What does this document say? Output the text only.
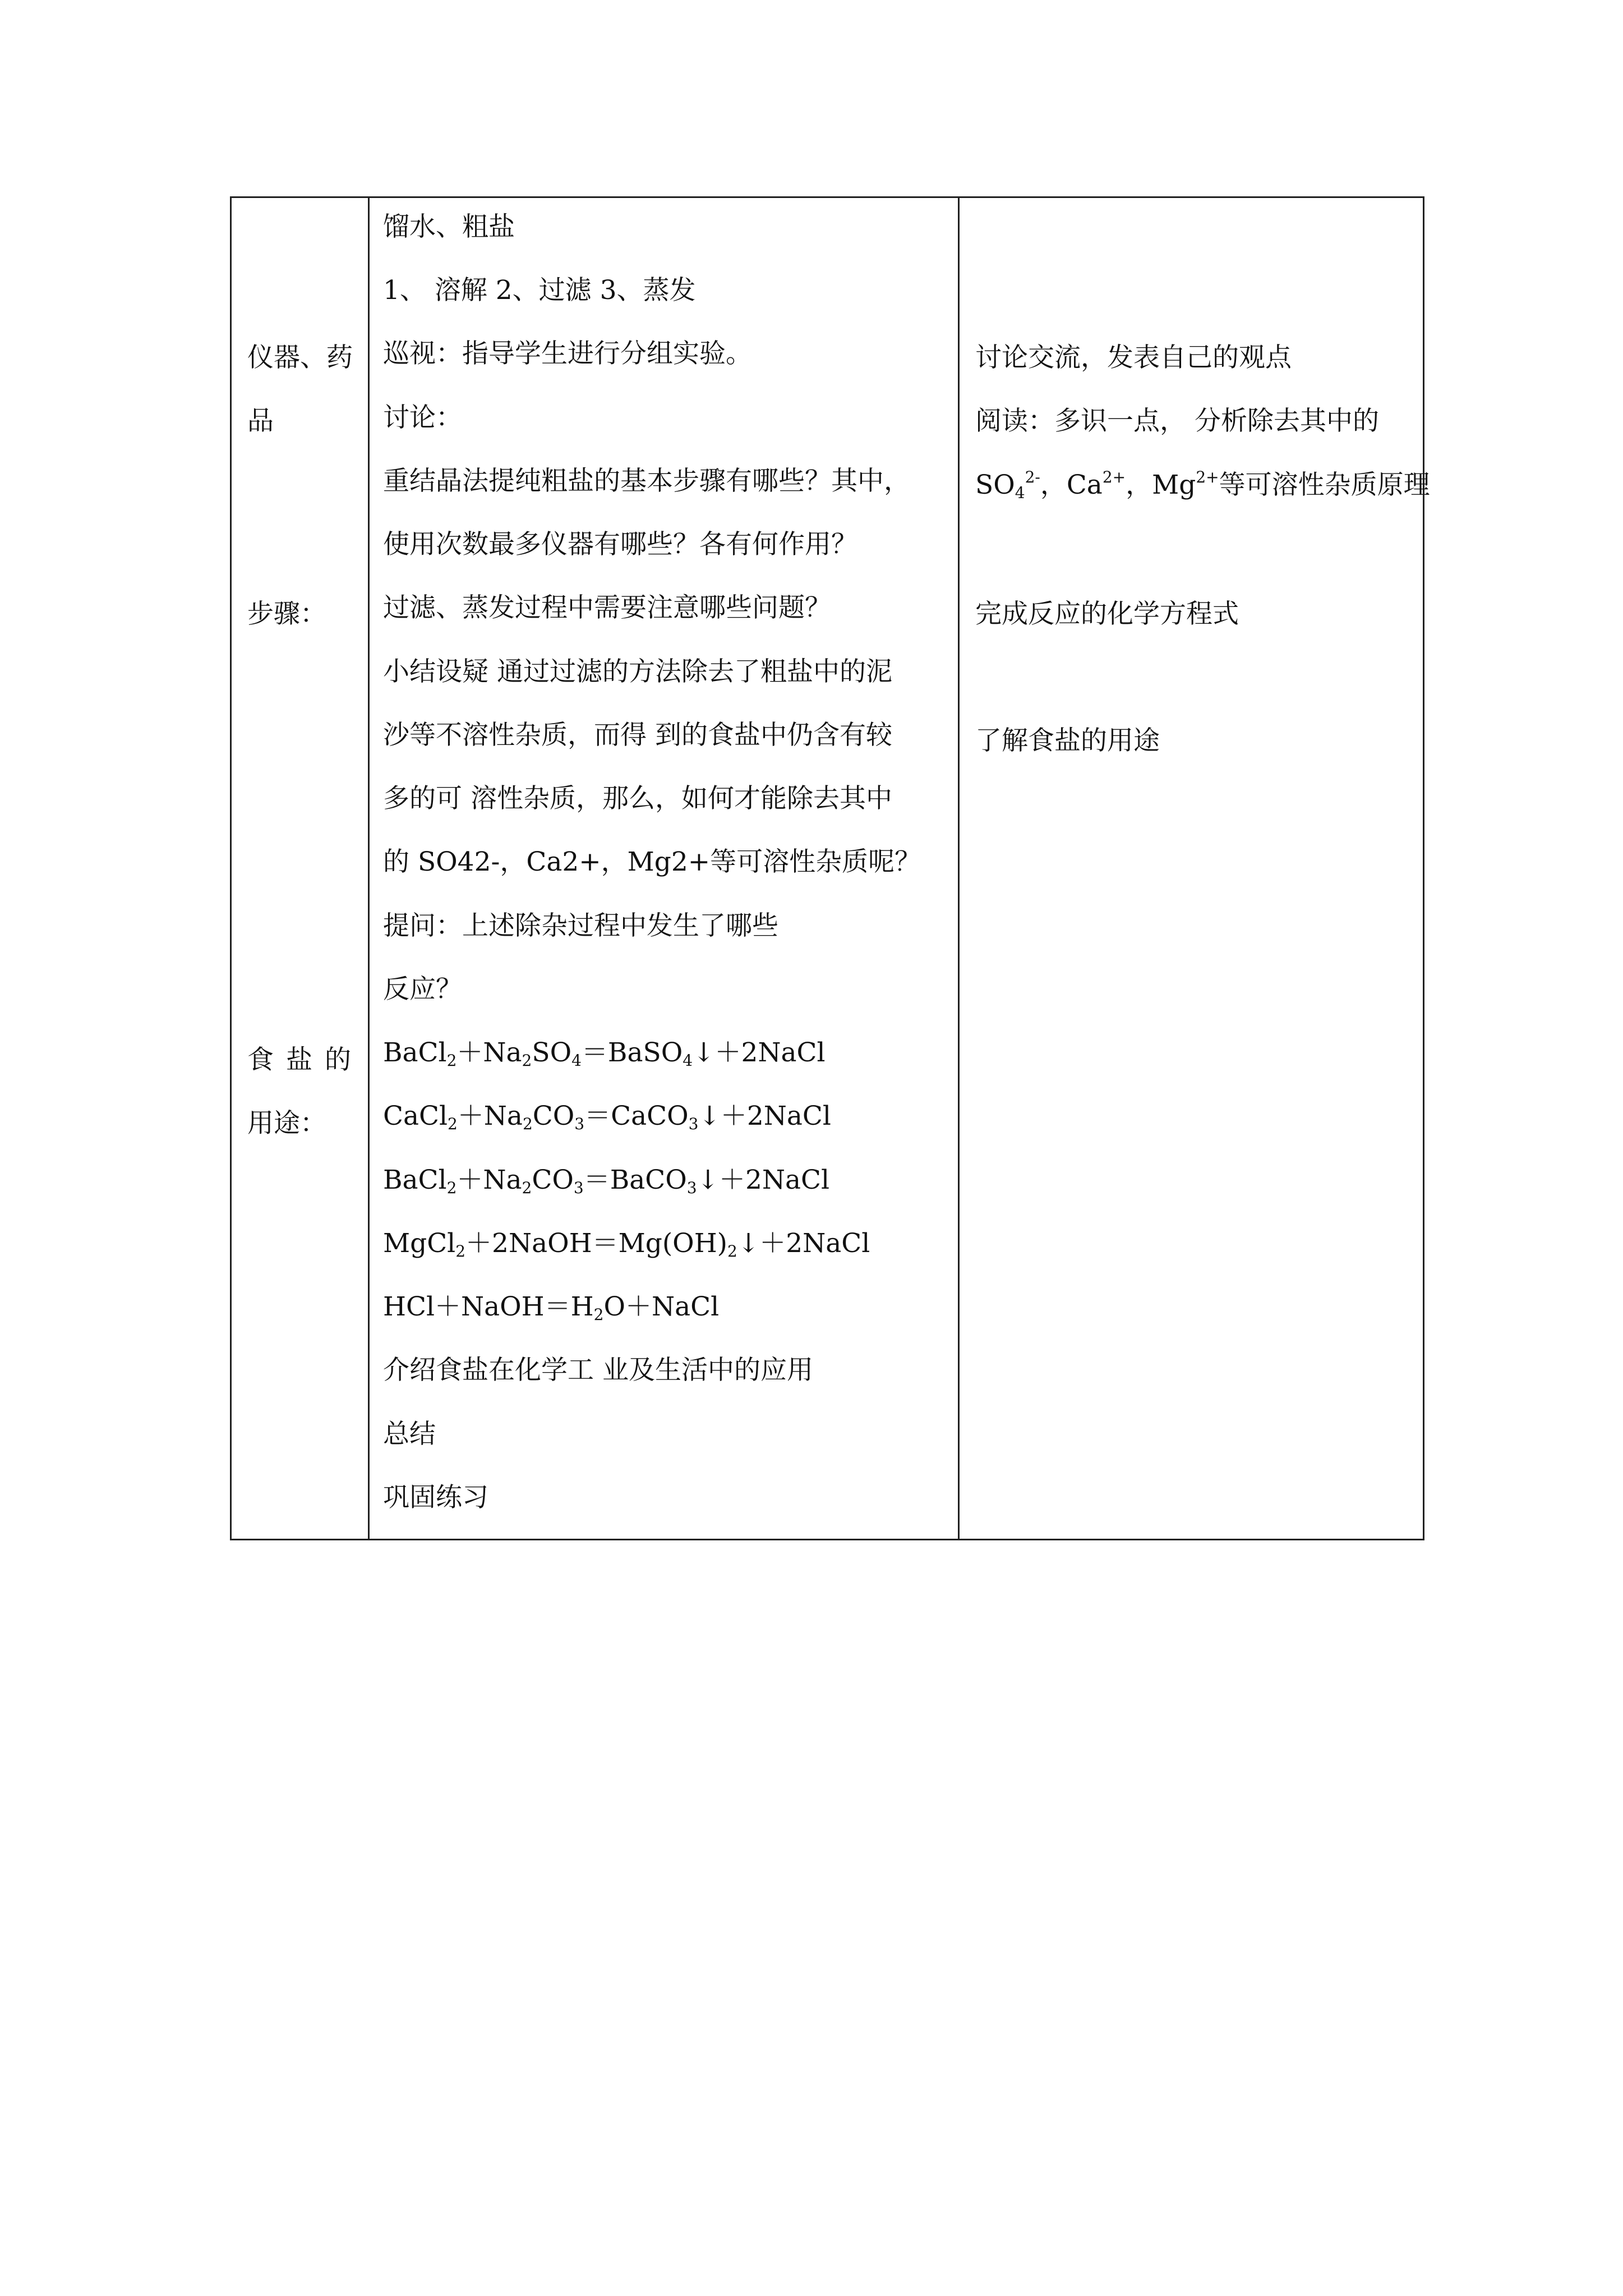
仪器、药
品
步骤：
食盐的
用途：
馏水、粗盐
1、 溶解 2、过滤 3、蒸发
巡视：指导学生进行分组实验。
讨论：
重结晶法提纯粗盐的基本步骤有哪些？其中，
使用次数最多仪器有哪些？各有何作用？
过滤、蒸发过程中需要注意哪些问题？
小结设疑 通过过滤的方法除去了粗盐中的泥
沙等不溶性杂质，而得 到的食盐中仍含有较
多的可 溶性杂质，那么，如何才能除去其中
的 SO42-，Ca2+，Mg2+等可溶性杂质呢？
提问：上述除杂过程中发生了哪些
反应？
$BaCl_2+Na_2SO_4=BaSO_4↓+2NaCl$
$CaCl_2+Na_2CO_3=CaCO_3↓+2NaCl$
$BaCl_2+Na_2CO_3=BaCO_3↓+2NaCl$
$MgCl_2+2NaOH=Mg(OH)_2↓+2NaCl$
$HCl+NaOH=H_2O+NaCl$
介绍食盐在化学工 业及生活中的应用
总结
巩固练习
讨论交流，发表自己的观点
阅读：多识一点， 分析除去其中的
$SO_4^{2-}$，$Ca^{2+}$，$Mg^{2+}$等可溶性杂质原理
完成反应的化学方程式
了解食盐的用途
